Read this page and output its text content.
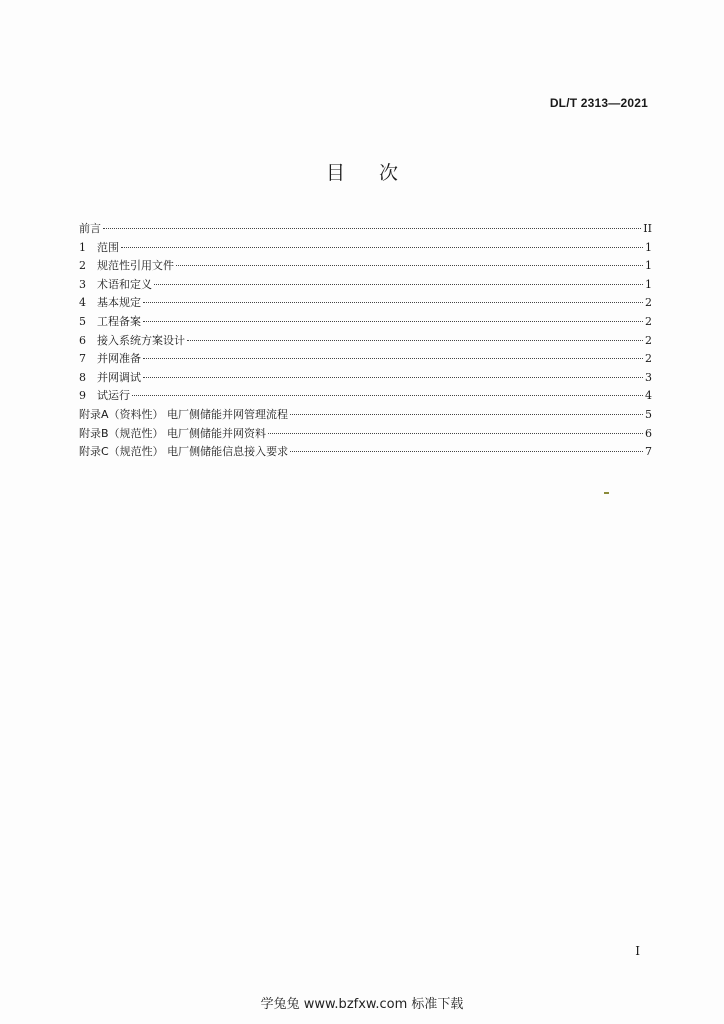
DL/T 2313—2021
目次
前言	II
1	范围	1
2	规范性引用文件	1
3	术语和定义	1
4	基本规定	2
5	工程备案	2
6	接入系统方案设计	2
7	并网准备	2
8	并网调试	3
9	试运行	4
附录A（资料性） 电厂侧储能并网管理流程	5
附录B（规范性） 电厂侧储能并网资料	6
附录C（规范性） 电厂侧储能信息接入要求	7
I
学兔兔 www.bzfxw.com 标准下载
